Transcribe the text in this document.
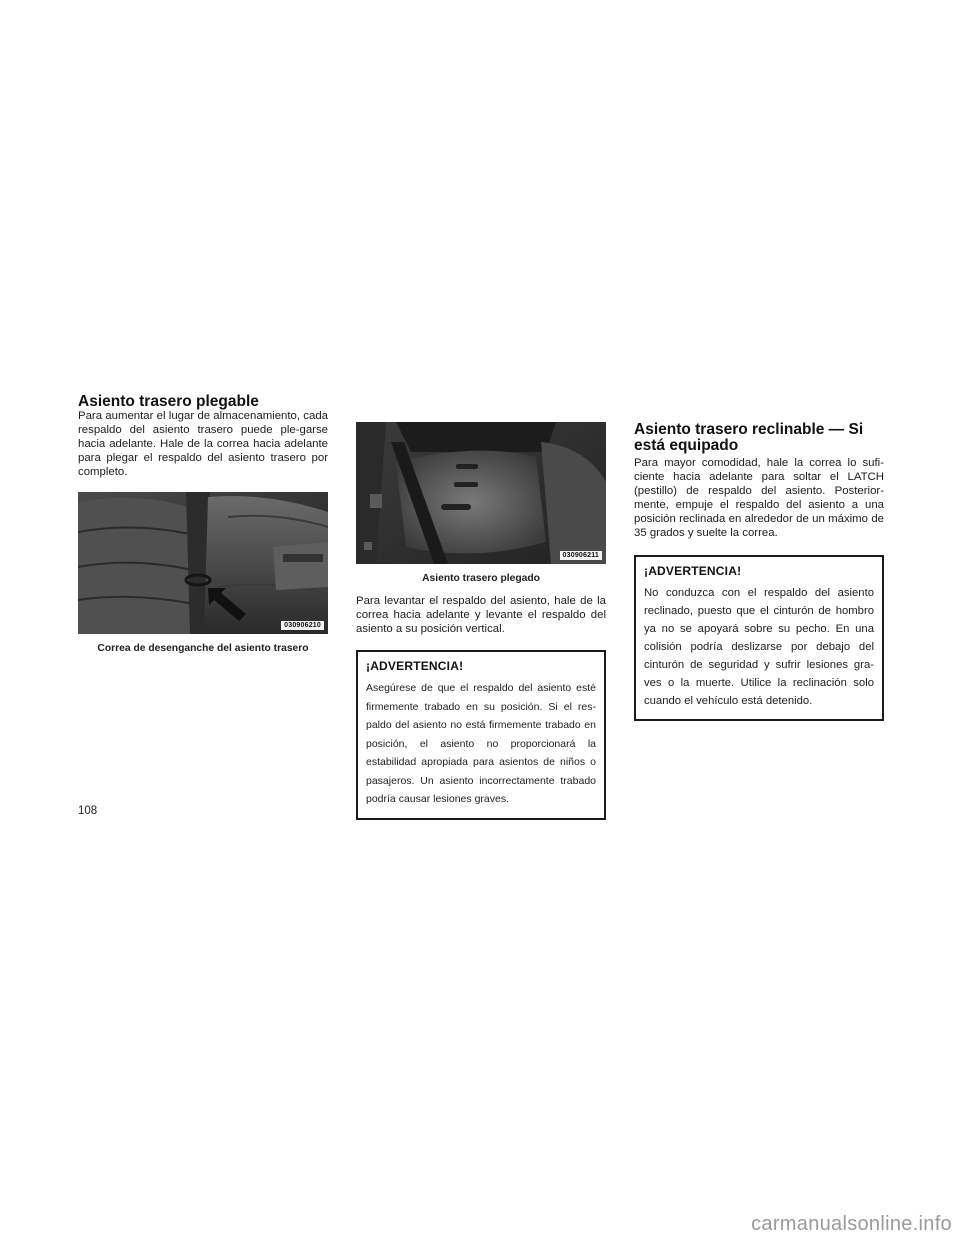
Asiento trasero plegable

Para aumentar el lugar de almacenamiento, cada respaldo del asiento trasero puede ple-garse hacia adelante. Hale de la correa hacia adelante para plegar el respaldo del asiento trasero por completo.

030906210
Correa de desenganche del asiento trasero
030906211
Asiento trasero plegado

Para levantar el respaldo del asiento, hale de la correa hacia adelante y levante el respaldo del asiento a su posición vertical.

¡ADVERTENCIA!

Asegúrese de que el respaldo del asiento esté firmemente trabado en su posición. Si el res-paldo del asiento no está firmemente trabado en posición, el asiento no proporcionará la estabilidad apropiada para asientos de niños o pasajeros. Un asiento incorrectamente trabado podría causar lesiones graves.

Asiento trasero reclinable — Si está equipado

Para mayor comodidad, hale la correa lo sufi-ciente hacia adelante para soltar el LATCH (pestillo) de respaldo del asiento. Posterior-mente, empuje el respaldo del asiento a una posición reclinada en alrededor de un máximo de 35 grados y suelte la correa.

¡ADVERTENCIA!

No conduzca con el respaldo del asiento reclinado, puesto que el cinturón de hombro ya no se apoyará sobre su pecho. En una colisión podría deslizarse por debajo del cinturón de seguridad y sufrir lesiones gra-ves o la muerte. Utilice la reclinación solo cuando el vehículo está detenido.

108
carmanualsonline.info
